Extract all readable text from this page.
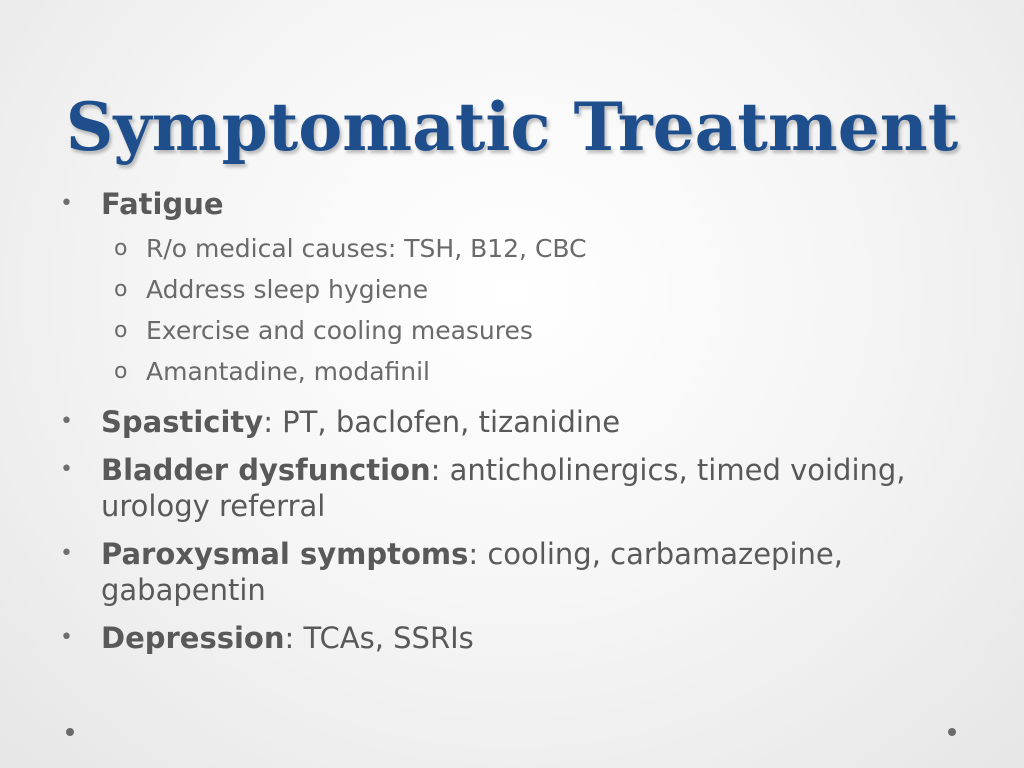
Symptomatic Treatment
• Fatigue
o R/o medical causes: TSH, B12, CBC
o Address sleep hygiene
o Exercise and cooling measures
o Amantadine, modafinil
• Spasticity: PT, baclofen, tizanidine
• Bladder dysfunction: anticholinergics, timed voiding, urology referral
• Paroxysmal symptoms: cooling, carbamazepine, gabapentin
• Depression: TCAs, SSRIs
